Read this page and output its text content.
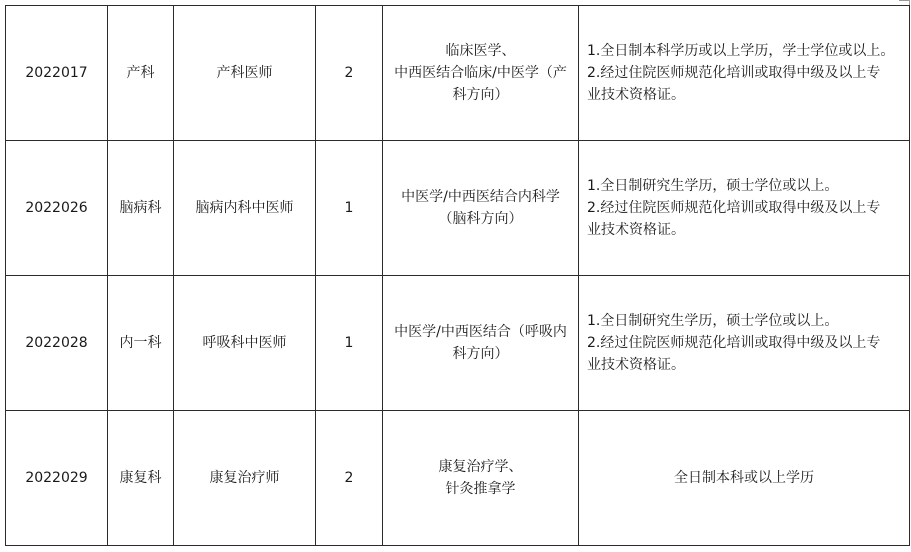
2022017	产科	产科医师	2	临床医学、
中西医结合临床/中医学（产
科方向）	1.全日制本科学历或以上学历，学士学位或以上。
2.经过住院医师规范化培训或取得中级及以上专
业技术资格证。

2022026	脑病科	脑病内科中医师	1	中医学/中西医结合内科学
（脑科方向）	1.全日制研究生学历，硕士学位或以上。
2.经过住院医师规范化培训或取得中级及以上专
业技术资格证。

2022028	内一科	呼吸科中医师	1	中医学/中西医结合（呼吸内
科方向）	1.全日制研究生学历，硕士学位或以上。
2.经过住院医师规范化培训或取得中级及以上专
业技术资格证。

2022029	康复科	康复治疗师	2	康复治疗学、
针灸推拿学	全日制本科或以上学历
